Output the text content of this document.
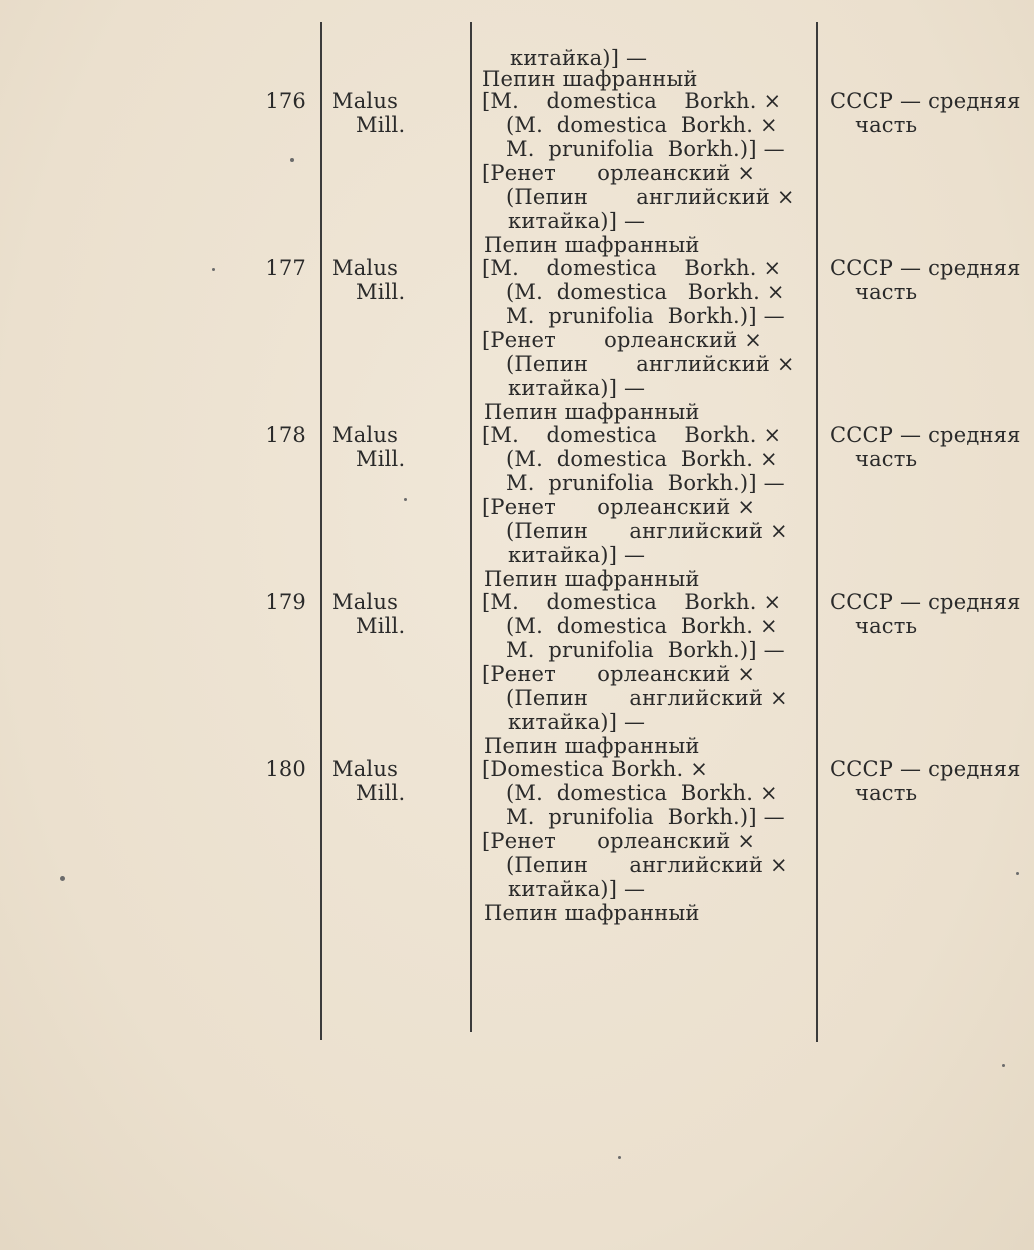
китайка)] —
Пепин шафранный
176 Malus
Mill.
[M.    domestica    Borkh. ×
(M.  domestica  Borkh. ×
M.  prunifolia  Borkh.)] —
[Ренет      орлеанский ×
(Пепин       английский ×
китайка)] —
Пепин шафранный
СССР — средняя
часть
177 Malus
Mill.
[M.    domestica    Borkh. ×
(M.  domestica   Borkh. ×
M.  prunifolia  Borkh.)] —
[Ренет       орлеанский ×
(Пепин       английский ×
китайка)] —
Пепин шафранный
СССР — средняя
часть
178 Malus
Mill.
[M.    domestica    Borkh. ×
(M.  domestica  Borkh. ×
M.  prunifolia  Borkh.)] —
[Ренет      орлеанский ×
(Пепин      английский ×
китайка)] —
Пепин шафранный
СССР — средняя
часть
179 Malus
Mill.
[M.    domestica    Borkh. ×
(M.  domestica  Borkh. ×
M.  prunifolia  Borkh.)] —
[Ренет      орлеанский ×
(Пепин      английский ×
китайка)] —
Пепин шафранный
СССР — средняя
часть
180 Malus
Mill.
[Domestica Borkh. ×
(M.  domestica  Borkh. ×
M.  prunifolia  Borkh.)] —
[Ренет      орлеанский ×
(Пепин      английский ×
китайка)] —
Пепин шафранный
СССР — средняя
часть
